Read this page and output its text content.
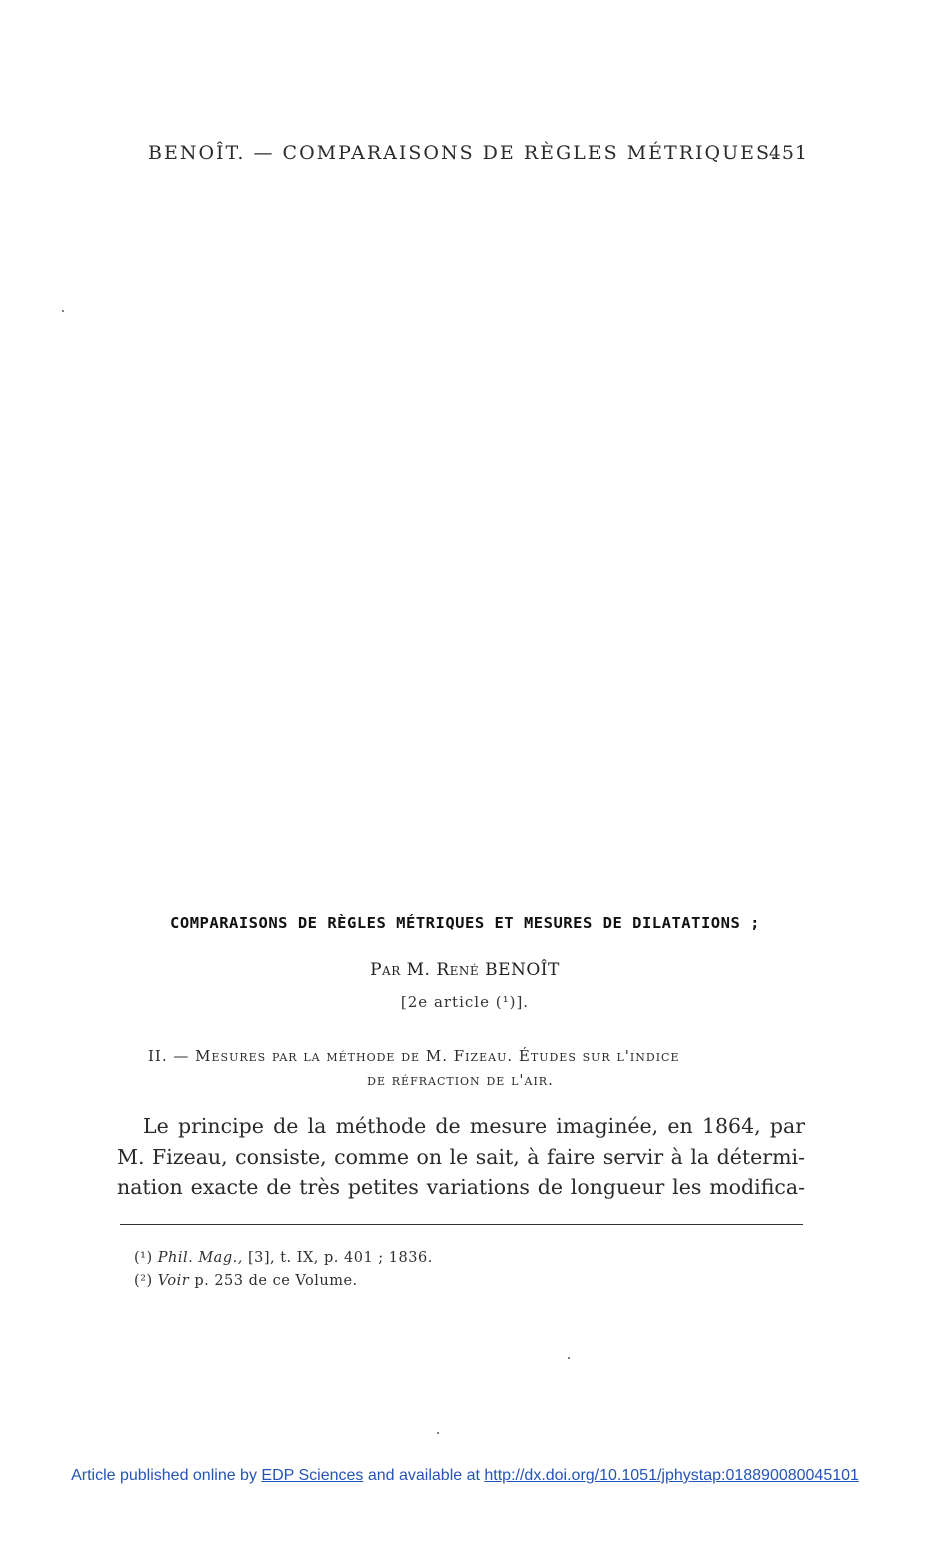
BENOÎT. — COMPARAISONS DE RÈGLES MÉTRIQUES.
451
COMPARAISONS DE RÈGLES MÉTRIQUES ET MESURES DE DILATATIONS ;
Par M. René BENOÎT
[2e article (¹)].
II. — Mesures par la méthode de M. Fizeau. Études sur l'indice
de réfraction de l'air.
Le principe de la méthode de mesure imaginée, en 1864, par
M. Fizeau, consiste, comme on le sait, à faire servir à la détermi-
nation exacte de très petites variations de longueur les modifica-
(¹) Phil. Mag., [3], t. IX, p. 401 ; 1836.
(²) Voir p. 253 de ce Volume.
Article published online by EDP Sciences and available at http://dx.doi.org/10.1051/jphystap:018890080045101
